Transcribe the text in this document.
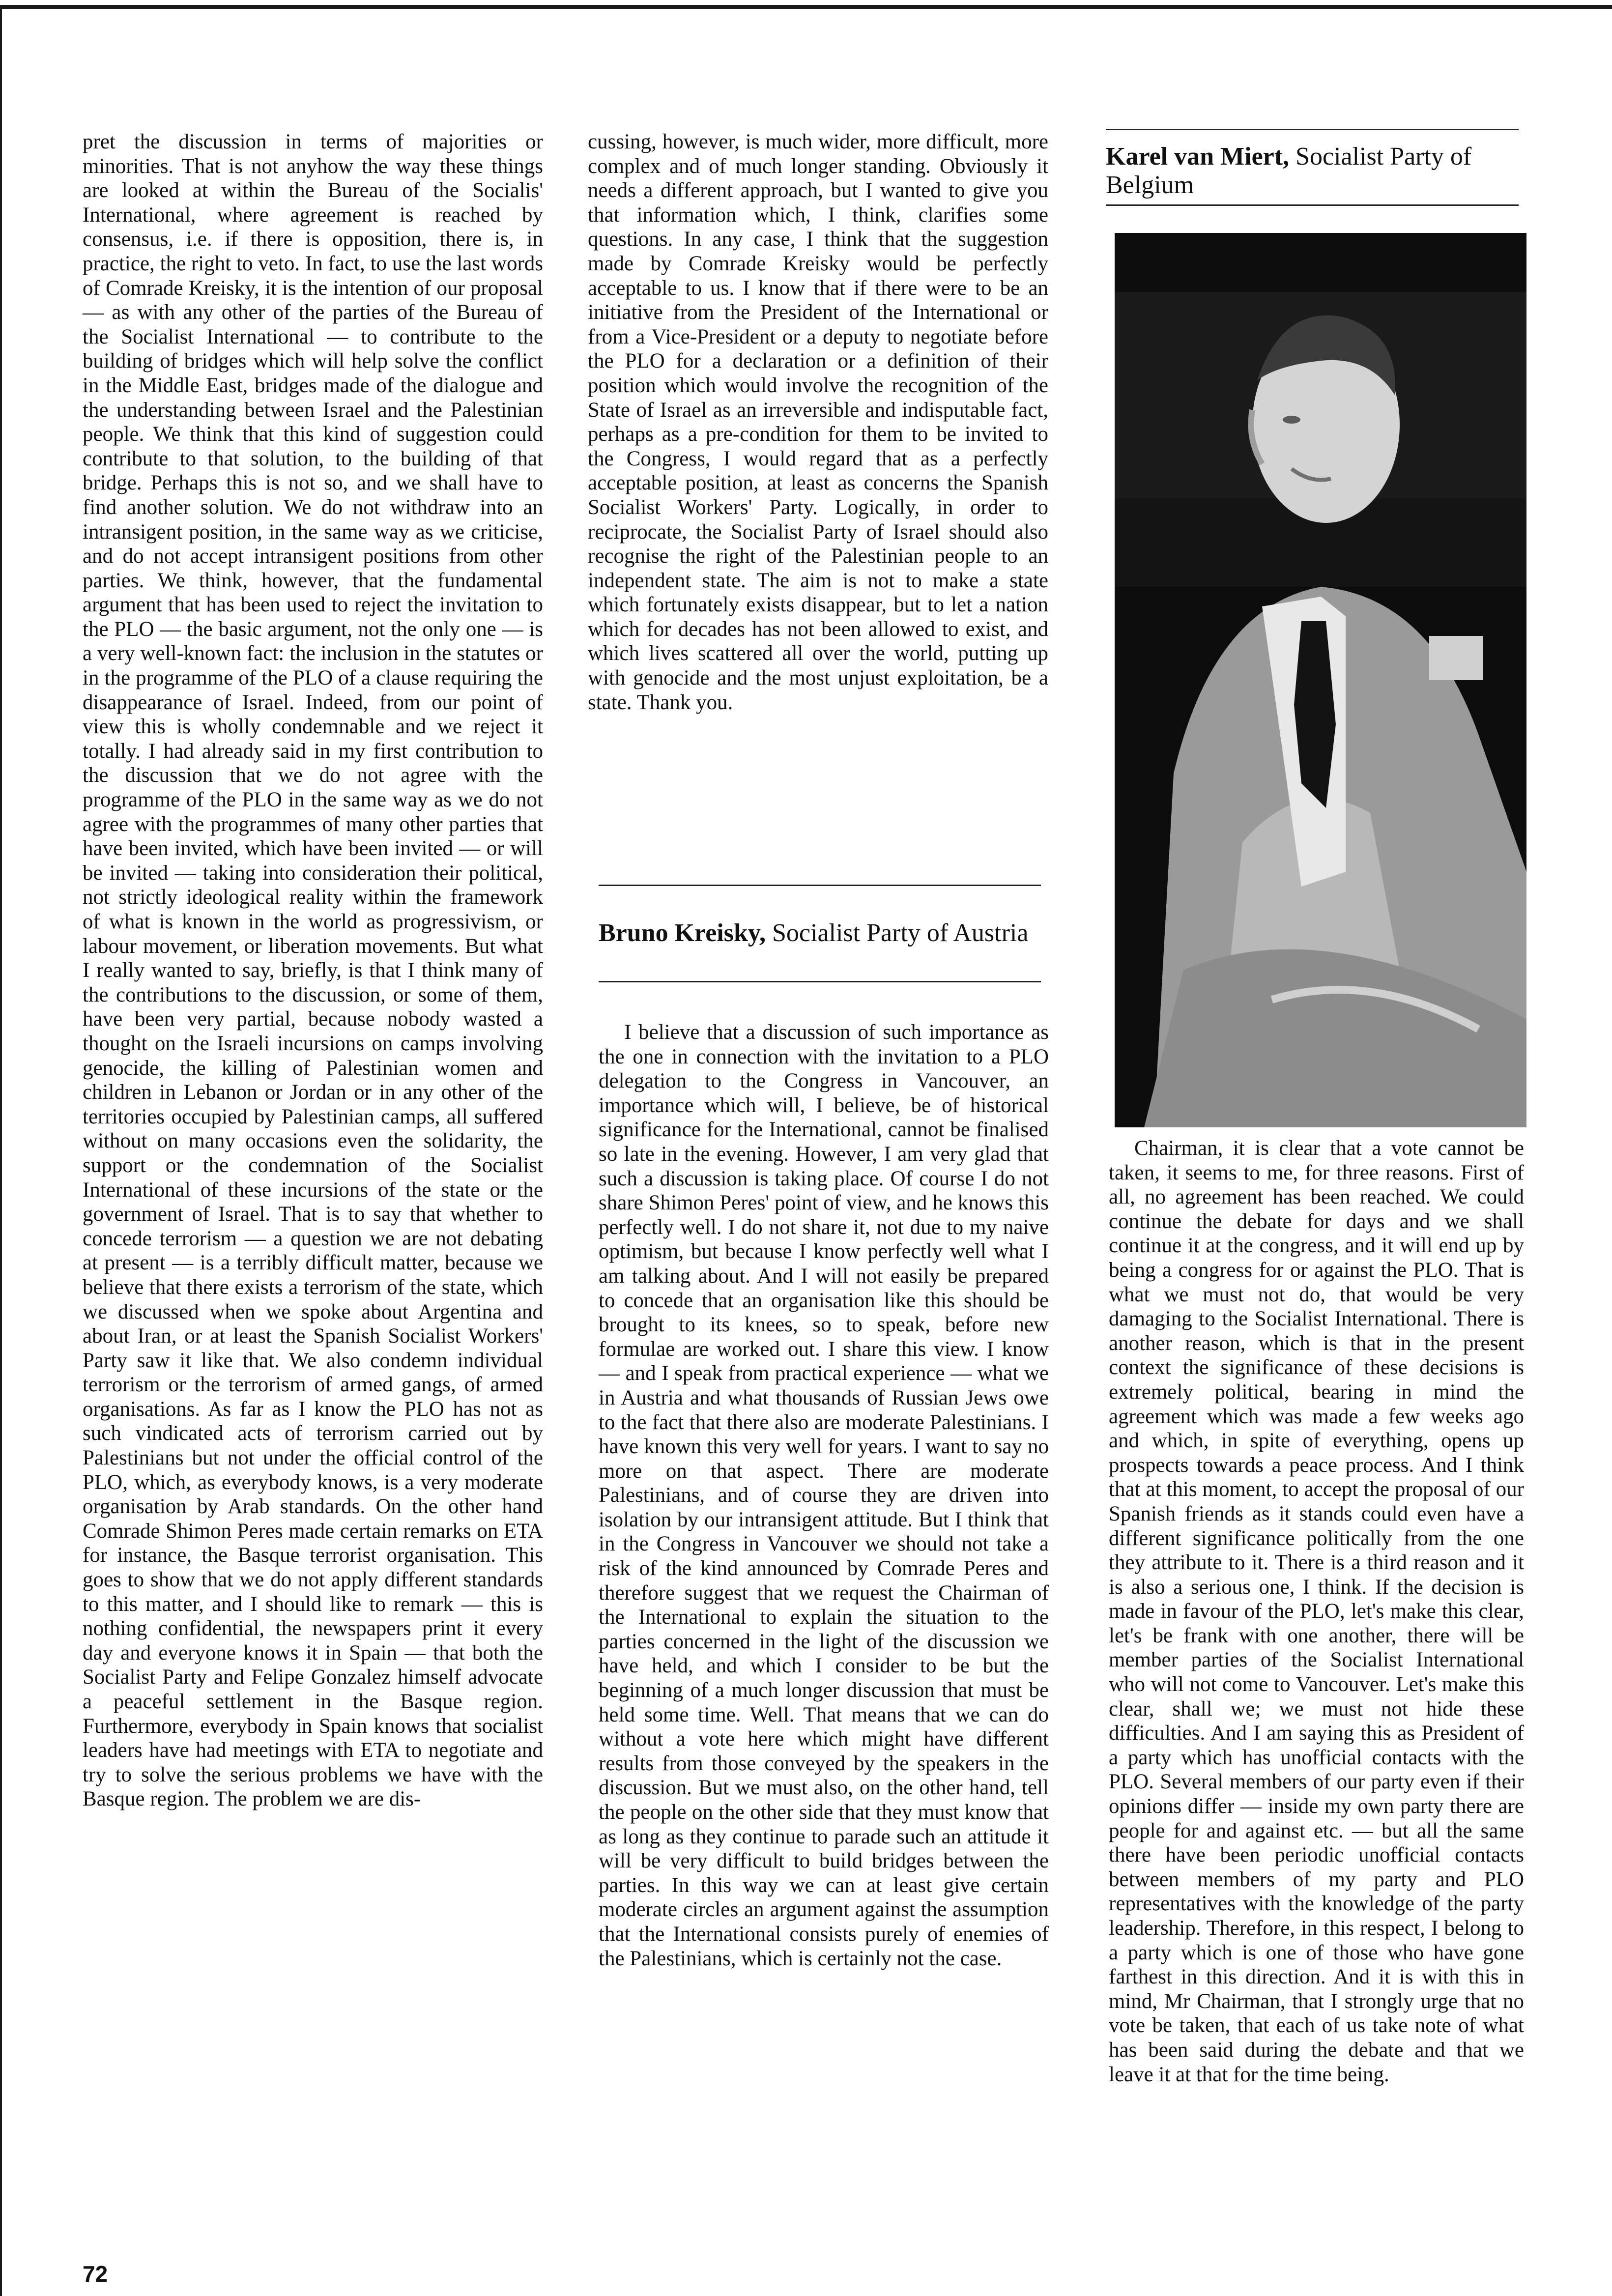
pret the discussion in terms of majorities or minorities. That is not anyhow the way these things are looked at within the Bureau of the Socialis' International, where agreement is reached by consensus, i.e. if there is opposition, there is, in practice, the right to veto. In fact, to use the last words of Comrade Kreisky, it is the intention of our proposal — as with any other of the parties of the Bureau of the Socialist International — to contribute to the building of bridges which will help solve the conflict in the Middle East, bridges made of the dialogue and the understanding between Israel and the Palestinian people. We think that this kind of suggestion could contribute to that solution, to the building of that bridge. Perhaps this is not so, and we shall have to find another solution. We do not withdraw into an intransigent position, in the same way as we criticise, and do not accept intransigent positions from other parties. We think, however, that the fundamental argument that has been used to reject the invitation to the PLO — the basic argument, not the only one — is a very well-known fact: the inclusion in the statutes or in the programme of the PLO of a clause requiring the disappearance of Israel. Indeed, from our point of view this is wholly condemnable and we reject it totally. I had already said in my first contribution to the discussion that we do not agree with the programme of the PLO in the same way as we do not agree with the programmes of many other parties that have been invited, which have been invited — or will be invited — taking into consideration their political, not strictly ideological reality within the framework of what is known in the world as progressivism, or labour movement, or liberation movements. But what I really wanted to say, briefly, is that I think many of the contributions to the discussion, or some of them, have been very partial, because nobody wasted a thought on the Israeli incursions on camps involving genocide, the killing of Palestinian women and children in Lebanon or Jordan or in any other of the territories occupied by Palestinian camps, all suffered without on many occasions even the solidarity, the support or the condemnation of the Socialist International of these incursions of the state or the government of Israel. That is to say that whether to concede terrorism — a question we are not debating at present — is a terribly difficult matter, because we believe that there exists a terrorism of the state, which we discussed when we spoke about Argentina and about Iran, or at least the Spanish Socialist Workers' Party saw it like that. We also condemn individual terrorism or the terrorism of armed gangs, of armed organisations. As far as I know the PLO has not as such vindicated acts of terrorism carried out by Palestinians but not under the official control of the PLO, which, as everybody knows, is a very moderate organisation by Arab standards. On the other hand Comrade Shimon Peres made certain remarks on ETA for instance, the Basque terrorist organisation. This goes to show that we do not apply different standards to this matter, and I should like to remark — this is nothing confidential, the newspapers print it every day and everyone knows it in Spain — that both the Socialist Party and Felipe Gonzalez himself advocate a peaceful settlement in the Basque region. Furthermore, everybody in Spain knows that socialist leaders have had meetings with ETA to negotiate and try to solve the serious problems we have with the Basque region. The problem we are dis-

cussing, however, is much wider, more difficult, more complex and of much longer standing. Obviously it needs a different approach, but I wanted to give you that information which, I think, clarifies some questions. In any case, I think that the suggestion made by Comrade Kreisky would be perfectly acceptable to us. I know that if there were to be an initiative from the President of the International or from a Vice-President or a deputy to negotiate before the PLO for a declaration or a definition of their position which would involve the recognition of the State of Israel as an irreversible and indisputable fact, perhaps as a pre-condition for them to be invited to the Congress, I would regard that as a perfectly acceptable position, at least as concerns the Spanish Socialist Workers' Party. Logically, in order to reciprocate, the Socialist Party of Israel should also recognise the right of the Palestinian people to an independent state. The aim is not to make a state which fortunately exists disappear, but to let a nation which for decades has not been allowed to exist, and which lives scattered all over the world, putting up with genocide and the most unjust exploitation, be a state. Thank you.

Bruno Kreisky, Socialist Party of Austria

I believe that a discussion of such importance as the one in connection with the invitation to a PLO delegation to the Congress in Vancouver, an importance which will, I believe, be of historical significance for the International, cannot be finalised so late in the evening. However, I am very glad that such a discussion is taking place. Of course I do not share Shimon Peres' point of view, and he knows this perfectly well. I do not share it, not due to my naive optimism, but because I know perfectly well what I am talking about. And I will not easily be prepared to concede that an organisation like this should be brought to its knees, so to speak, before new formulae are worked out. I share this view. I know — and I speak from practical experience — what we in Austria and what thousands of Russian Jews owe to the fact that there also are moderate Palestinians. I have known this very well for years. I want to say no more on that aspect. There are moderate Palestinians, and of course they are driven into isolation by our intransigent attitude. But I think that in the Congress in Vancouver we should not take a risk of the kind announced by Comrade Peres and therefore suggest that we request the Chairman of the International to explain the situation to the parties concerned in the light of the discussion we have held, and which I consider to be but the beginning of a much longer discussion that must be held some time. Well. That means that we can do without a vote here which might have different results from those conveyed by the speakers in the discussion. But we must also, on the other hand, tell the people on the other side that they must know that as long as they continue to parade such an attitude it will be very difficult to build bridges between the parties. In this way we can at least give certain moderate circles an argument against the assumption that the International consists purely of enemies of the Palestinians, which is certainly not the case.

Karel van Miert, Socialist Party of Belgium

Chairman, it is clear that a vote cannot be taken, it seems to me, for three reasons. First of all, no agreement has been reached. We could continue the debate for days and we shall continue it at the congress, and it will end up by being a congress for or against the PLO. That is what we must not do, that would be very damaging to the Socialist International. There is another reason, which is that in the present context the significance of these decisions is extremely political, bearing in mind the agreement which was made a few weeks ago and which, in spite of everything, opens up prospects towards a peace process. And I think that at this moment, to accept the proposal of our Spanish friends as it stands could even have a different significance politically from the one they attribute to it. There is a third reason and it is also a serious one, I think. If the decision is made in favour of the PLO, let's make this clear, let's be frank with one another, there will be member parties of the Socialist International who will not come to Vancouver. Let's make this clear, shall we; we must not hide these difficulties. And I am saying this as President of a party which has unofficial contacts with the PLO. Several members of our party even if their opinions differ — inside my own party there are people for and against etc. — but all the same there have been periodic unofficial contacts between members of my party and PLO representatives with the knowledge of the party leadership. Therefore, in this respect, I belong to a party which is one of those who have gone farthest in this direction. And it is with this in mind, Mr Chairman, that I strongly urge that no vote be taken, that each of us take note of what has been said during the debate and that we leave it at that for the time being.

72
